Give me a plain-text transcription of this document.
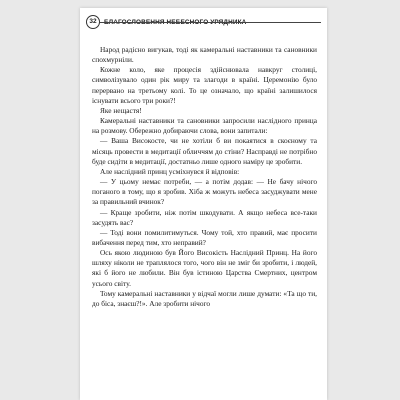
32	БЛАГОСЛОВЕННЯ НЕБЕСНОГО УРЯДНИКА

Народ радісно вигукав, тоді як камеральні наставники та сановники спохмурніли.

Кожне коло, яке процесія здійснювала навкруг столиці, символізувало один рік миру та злагоди в країні. Церемонію було перервано на третьому колі. То це означало, що країні залишилося існувати всього три роки?!

Яке нещастя!

Камеральні наставники та сановники запросили наслідного принца на розмову. Обережно добираючи слова, вони запитали:

— Ваша Високосте, чи не хотіли б ви покаятися в скоєному та місяць провести в медитації обличчям до стіни? Насправді не потрібно буде сидіти в медитації, достатньо лише одного наміру це зробити.

Але наслідний принц усміхнувся й відповів:

— У цьому немає потреби, — а потім додав: — Не бачу нічого поганого в тому, що я зробив. Хіба ж можуть небеса засуджувати мене за правильний вчинок?

— Краще зробити, ніж потім шкодувати. А якщо небеса все-таки засудять вас?

— Тоді вони помилитимуться. Чому той, хто правий, має просити вибачення перед тим, хто неправий?

Ось якою людиною був Його Високість Наслідний Принц. На його шляху ніколи не траплялося того, чого він не зміг би зробити, і людей, які б його не любили. Він був істиною Царства Смертних, центром усього світу.

Тому камеральні наставники у відчаї могли лише думати: «Та що ти, до біса, знаєш?!». Але зробити нічого
